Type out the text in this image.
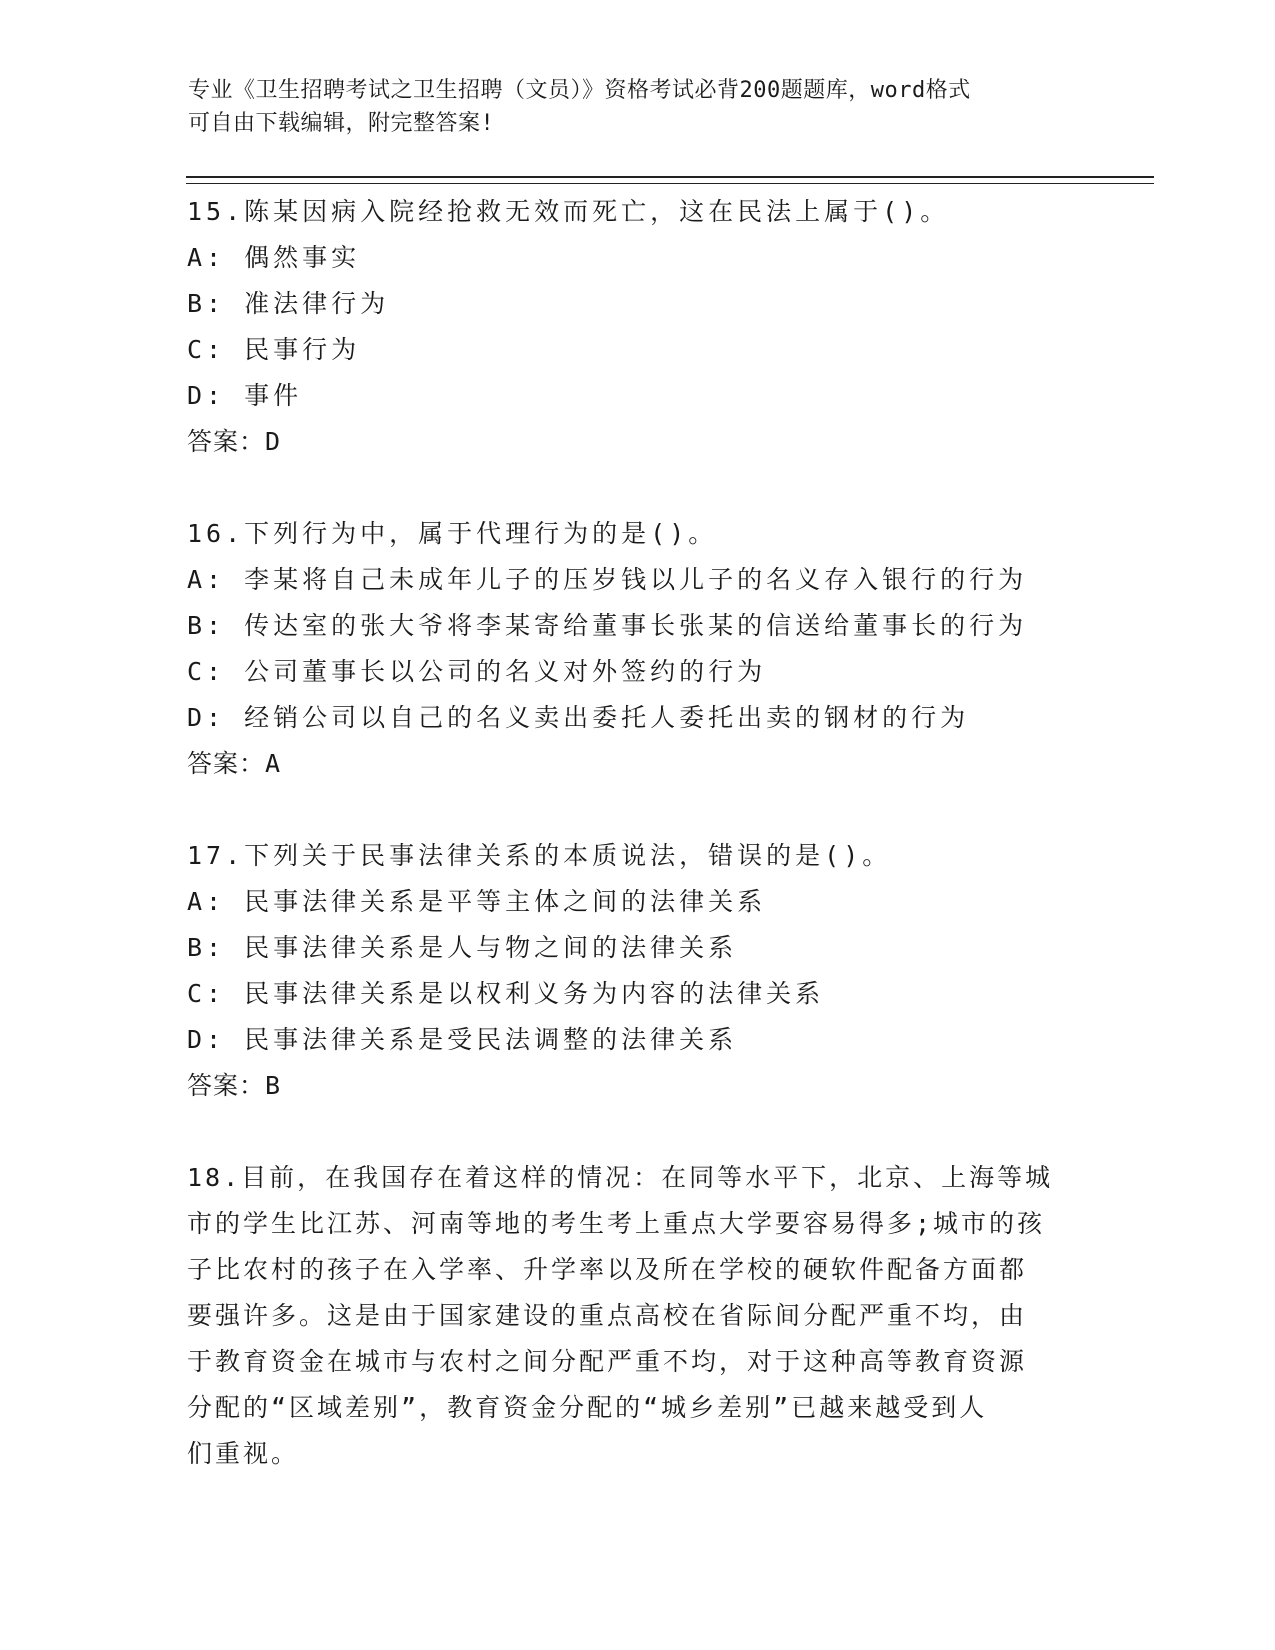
专业《卫生招聘考试之卫生招聘（文员）》资格考试必背200题题库，word格式
可自由下载编辑，附完整答案!
15.陈某因病入院经抢救无效而死亡，这在民法上属于()。
A: 偶然事实
B: 准法律行为
C: 民事行为
D: 事件
答案：D
16.下列行为中，属于代理行为的是()。
A: 李某将自己未成年儿子的压岁钱以儿子的名义存入银行的行为
B: 传达室的张大爷将李某寄给董事长张某的信送给董事长的行为
C: 公司董事长以公司的名义对外签约的行为
D: 经销公司以自己的名义卖出委托人委托出卖的钢材的行为
答案：A
17.下列关于民事法律关系的本质说法，错误的是()。
A: 民事法律关系是平等主体之间的法律关系
B: 民事法律关系是人与物之间的法律关系
C: 民事法律关系是以权利义务为内容的法律关系
D: 民事法律关系是受民法调整的法律关系
答案：B
18.目前，在我国存在着这样的情况：在同等水平下，北京、上海等城
市的学生比江苏、河南等地的考生考上重点大学要容易得多;城市的孩
子比农村的孩子在入学率、升学率以及所在学校的硬软件配备方面都
要强许多。这是由于国家建设的重点高校在省际间分配严重不均，由
于教育资金在城市与农村之间分配严重不均，对于这种高等教育资源
分配的“区域差别”，教育资金分配的“城乡差别”已越来越受到人
们重视。
